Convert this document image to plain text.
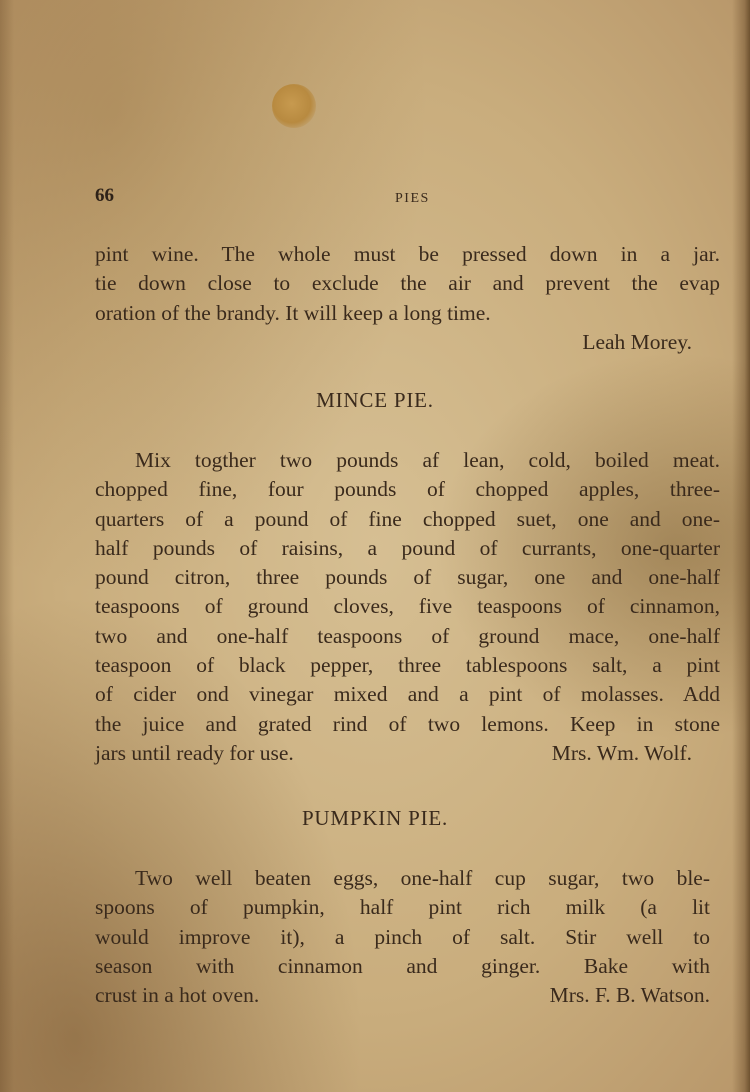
66	PIES
pint wine. The whole must be pressed down in a jar.
tie down close to exclude the air and prevent the evap
oration of the brandy. It will keep a long time.
Leah Morey.
MINCE PIE.
Mix togther two pounds af lean, cold, boiled meat.
chopped fine, four pounds of chopped apples, three-
quarters of a pound of fine chopped suet, one and one-
half pounds of raisins, a pound of currants, one-quarter
pound citron, three pounds of sugar, one and one-half
teaspoons of ground cloves, five teaspoons of cinnamon,
two and one-half teaspoons of ground mace, one-half
teaspoon of black pepper, three tablespoons salt, a pint
of cider ond vinegar mixed and a pint of molasses. Add
the juice and grated rind of two lemons. Keep in stone
jars until ready for use.	Mrs. Wm. Wolf.
PUMPKIN PIE.
Two well beaten eggs, one-half cup sugar, two ble-
spoons of pumpkin, half pint rich milk (a lit
would improve it), a pinch of salt. Stir well to
season with cinnamon and ginger. Bake with
crust in a hot oven.	Mrs. F. B. Watson.
